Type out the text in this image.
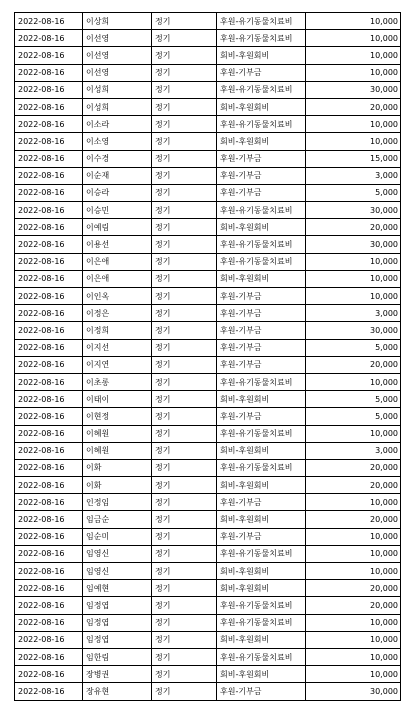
2022-08-16	이상희	정기	후원-유기동물치료비	10,000
2022-08-16	이선영	정기	후원-유기동물치료비	10,000
2022-08-16	이선영	정기	회비-후원회비	10,000
2022-08-16	이선영	정기	후원-기부금	10,000
2022-08-16	이성희	정기	후원-유기동물치료비	30,000
2022-08-16	이성희	정기	회비-후원회비	20,000
2022-08-16	이소라	정기	후원-유기동물치료비	10,000
2022-08-16	이소영	정기	회비-후원회비	10,000
2022-08-16	이수경	정기	후원-기부금	15,000
2022-08-16	이순재	정기	후원-기부금	3,000
2022-08-16	이승라	정기	후원-기부금	5,000
2022-08-16	이승민	정기	후원-유기동물치료비	30,000
2022-08-16	이예림	정기	회비-후원회비	20,000
2022-08-16	이용선	정기	후원-유기동물치료비	30,000
2022-08-16	이은애	정기	후원-유기동물치료비	10,000
2022-08-16	이은애	정기	회비-후원회비	10,000
2022-08-16	이인옥	정기	후원-기부금	10,000
2022-08-16	이정은	정기	후원-기부금	3,000
2022-08-16	이정희	정기	후원-기부금	30,000
2022-08-16	이지선	정기	후원-기부금	5,000
2022-08-16	이지연	정기	후원-기부금	20,000
2022-08-16	이초롱	정기	후원-유기동물치료비	10,000
2022-08-16	이태이	정기	회비-후원회비	5,000
2022-08-16	이현정	정기	후원-기부금	5,000
2022-08-16	이혜원	정기	후원-유기동물치료비	10,000
2022-08-16	이혜원	정기	회비-후원회비	3,000
2022-08-16	이화	정기	후원-유기동물치료비	20,000
2022-08-16	이화	정기	회비-후원회비	20,000
2022-08-16	인정임	정기	후원-기부금	10,000
2022-08-16	임금순	정기	회비-후원회비	20,000
2022-08-16	임순미	정기	후원-기부금	10,000
2022-08-16	임영신	정기	후원-유기동물치료비	10,000
2022-08-16	임영신	정기	회비-후원회비	10,000
2022-08-16	임예현	정기	회비-후원회비	20,000
2022-08-16	임정엽	정기	후원-유기동물치료비	20,000
2022-08-16	임정엽	정기	후원-유기동물치료비	10,000
2022-08-16	임정엽	정기	회비-후원회비	10,000
2022-08-16	임한림	정기	후원-유기동물치료비	10,000
2022-08-16	장병권	정기	회비-후원회비	10,000
2022-08-16	장유현	정기	후원-기부금	30,000
